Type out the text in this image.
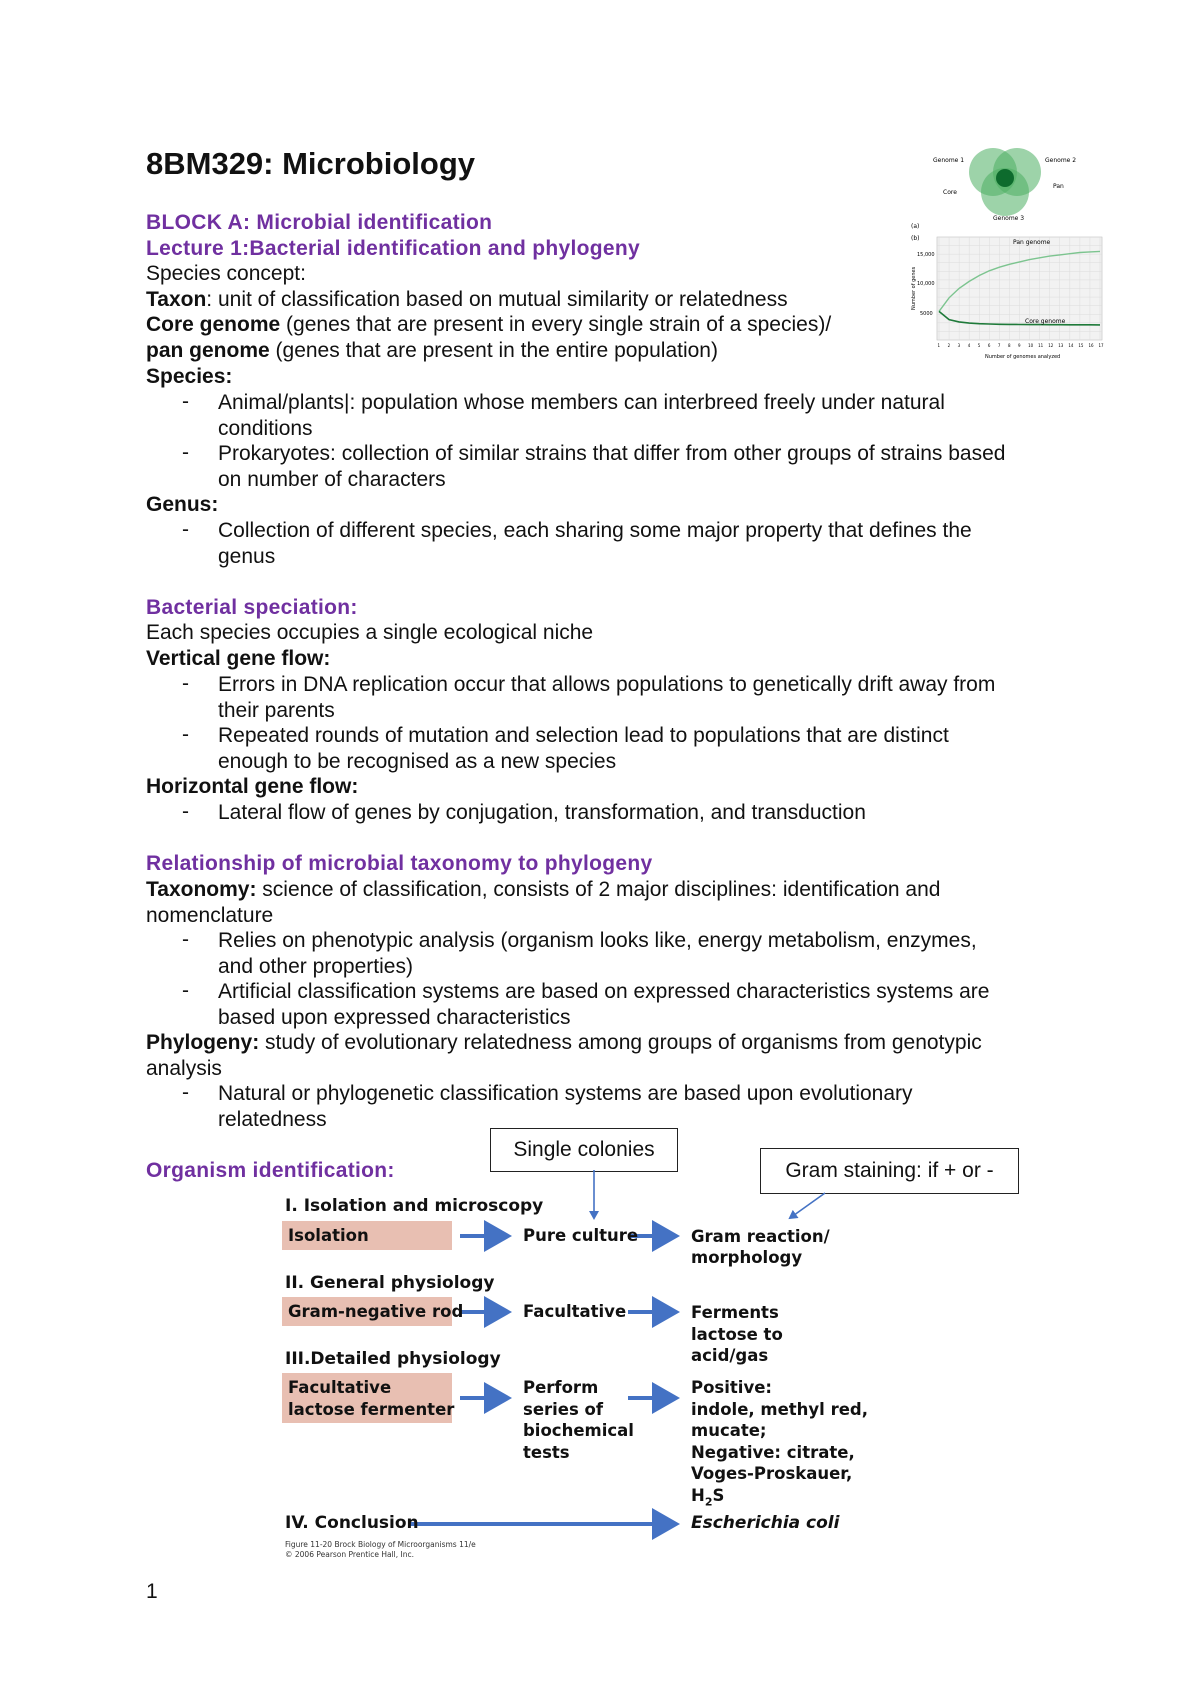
8BM329: Microbiology	Genome 1	Genome 2
Genome 3
Core
Pan
(a)
Number of genes
15,000
10,000
5000
1 2 3 4 5 6 7 8 9 10 11 12 13 14 15 16 17
Number of genomes analyzed
Pan genome
Core genome
(b)
BLOCK A: Microbial identification
Lecture 1:Bacterial identification and phylogeny
Species concept:
Taxon: unit of classification based on mutual similarity or relatedness
Core genome (genes that are present in every single strain of a species)/
pan genome (genes that are present in the entire population)
Species:
- Animal/plants|: population whose members can interbreed freely under natural
conditions
- Prokaryotes: collection of similar strains that differ from other groups of strains based
on number of characters
Genus:
- Collection of different species, each sharing some major property that defines the
genus
Bacterial speciation:
Each species occupies a single ecological niche
Vertical gene flow:
- Errors in DNA replication occur that allows populations to genetically drift away from
their parents
- Repeated rounds of mutation and selection lead to populations that are distinct
enough to be recognised as a new species
Horizontal gene flow:
- Lateral flow of genes by conjugation, transformation, and transduction
Relationship of microbial taxonomy to phylogeny
Taxonomy: science of classification, consists of 2 major disciplines: identification and
nomenclature
- Relies on phenotypic analysis (organism looks like, energy metabolism, enzymes,
and other properties)
- Artificial classification systems are based on expressed characteristics systems are
based upon expressed characteristics
Phylogeny: study of evolutionary relatedness among groups of organisms from genotypic
analysis
- Natural or phylogenetic classification systems are based upon evolutionary
relatedness
Organism identification:
Single colonies
Gram staining: if + or -
I. Isolation and microscopy
Isolation	Pure culture	Gram reaction/
morphology
II. General physiology
Gram-negative rod	Facultative	Ferments
lactose to
acid/gas
III.Detailed physiology
Facultative
lactose fermenter
Perform
series of
biochemical
tests
Positive:
indole, methyl red,
mucate;
Negative: citrate,
Voges-Proskauer,
$H_2S$
IV. Conclusion	Escherichia coli
Figure 11-20 Brock Biology of Microorganisms 11/e
© 2006 Pearson Prentice Hall, Inc.
1
